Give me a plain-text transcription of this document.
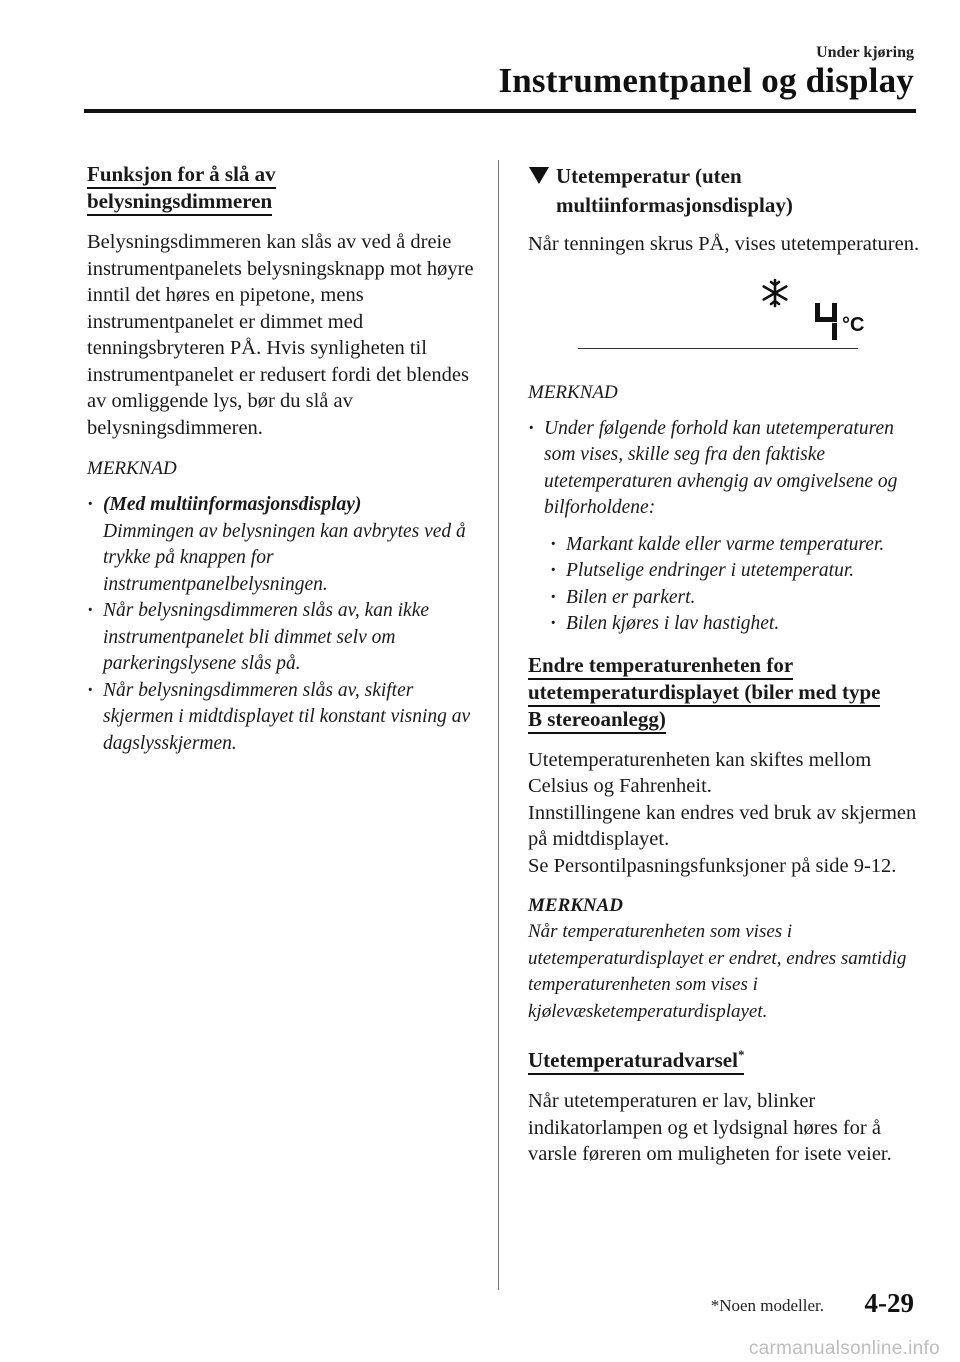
Under kjøring
Instrumentpanel og display

Funksjon for å slå av
belysningsdimmeren

Belysningsdimmeren kan slås av ved å dreie instrumentpanelets belysningsknapp mot høyre inntil det høres en pipetone, mens instrumentpanelet er dimmet med tenningsbryteren PÅ. Hvis synligheten til instrumentpanelet er redusert fordi det blendes av omliggende lys, bør du slå av belysningsdimmeren.

MERKNAD

· (Med multiinformasjonsdisplay)
Dimmingen av belysningen kan avbrytes ved å trykke på knappen for instrumentpanelbelysningen.
· Når belysningsdimmeren slås av, kan ikke instrumentpanelet bli dimmet selv om parkeringslysene slås på.
· Når belysningsdimmeren slås av, skifter skjermen i midtdisplayet til konstant visning av dagslysskjermen.
Utetemperatur (uten
multiinformasjonsdisplay)

Når tenningen skrus PÅ, vises utetemperaturen.

°C

MERKNAD

· Under følgende forhold kan utetemperaturen som vises, skille seg fra den faktiske utetemperaturen avhengig av omgivelsene og bilforholdene:
· Markant kalde eller varme temperaturer.
· Plutselige endringer i utetemperatur.
· Bilen er parkert.
· Bilen kjøres i lav hastighet.

Endre temperaturenheten for
utetemperaturdisplayet (biler med type
B stereoanlegg)

Utetemperaturenheten kan skiftes mellom Celsius og Fahrenheit.

Innstillingene kan endres ved bruk av skjermen på midtdisplayet.

Se Persontilpasningsfunksjoner på side 9-12.

MERKNAD

Når temperaturenheten som vises i utetemperaturdisplayet er endret, endres samtidig temperaturenheten som vises i kjølevæsketemperaturdisplayet.

Utetemperaturadvarsel*

Når utetemperaturen er lav, blinker indikatorlampen og et lydsignal høres for å varsle føreren om muligheten for isete veier.

*Noen modeller. 4-29
carmanualsonline.info
